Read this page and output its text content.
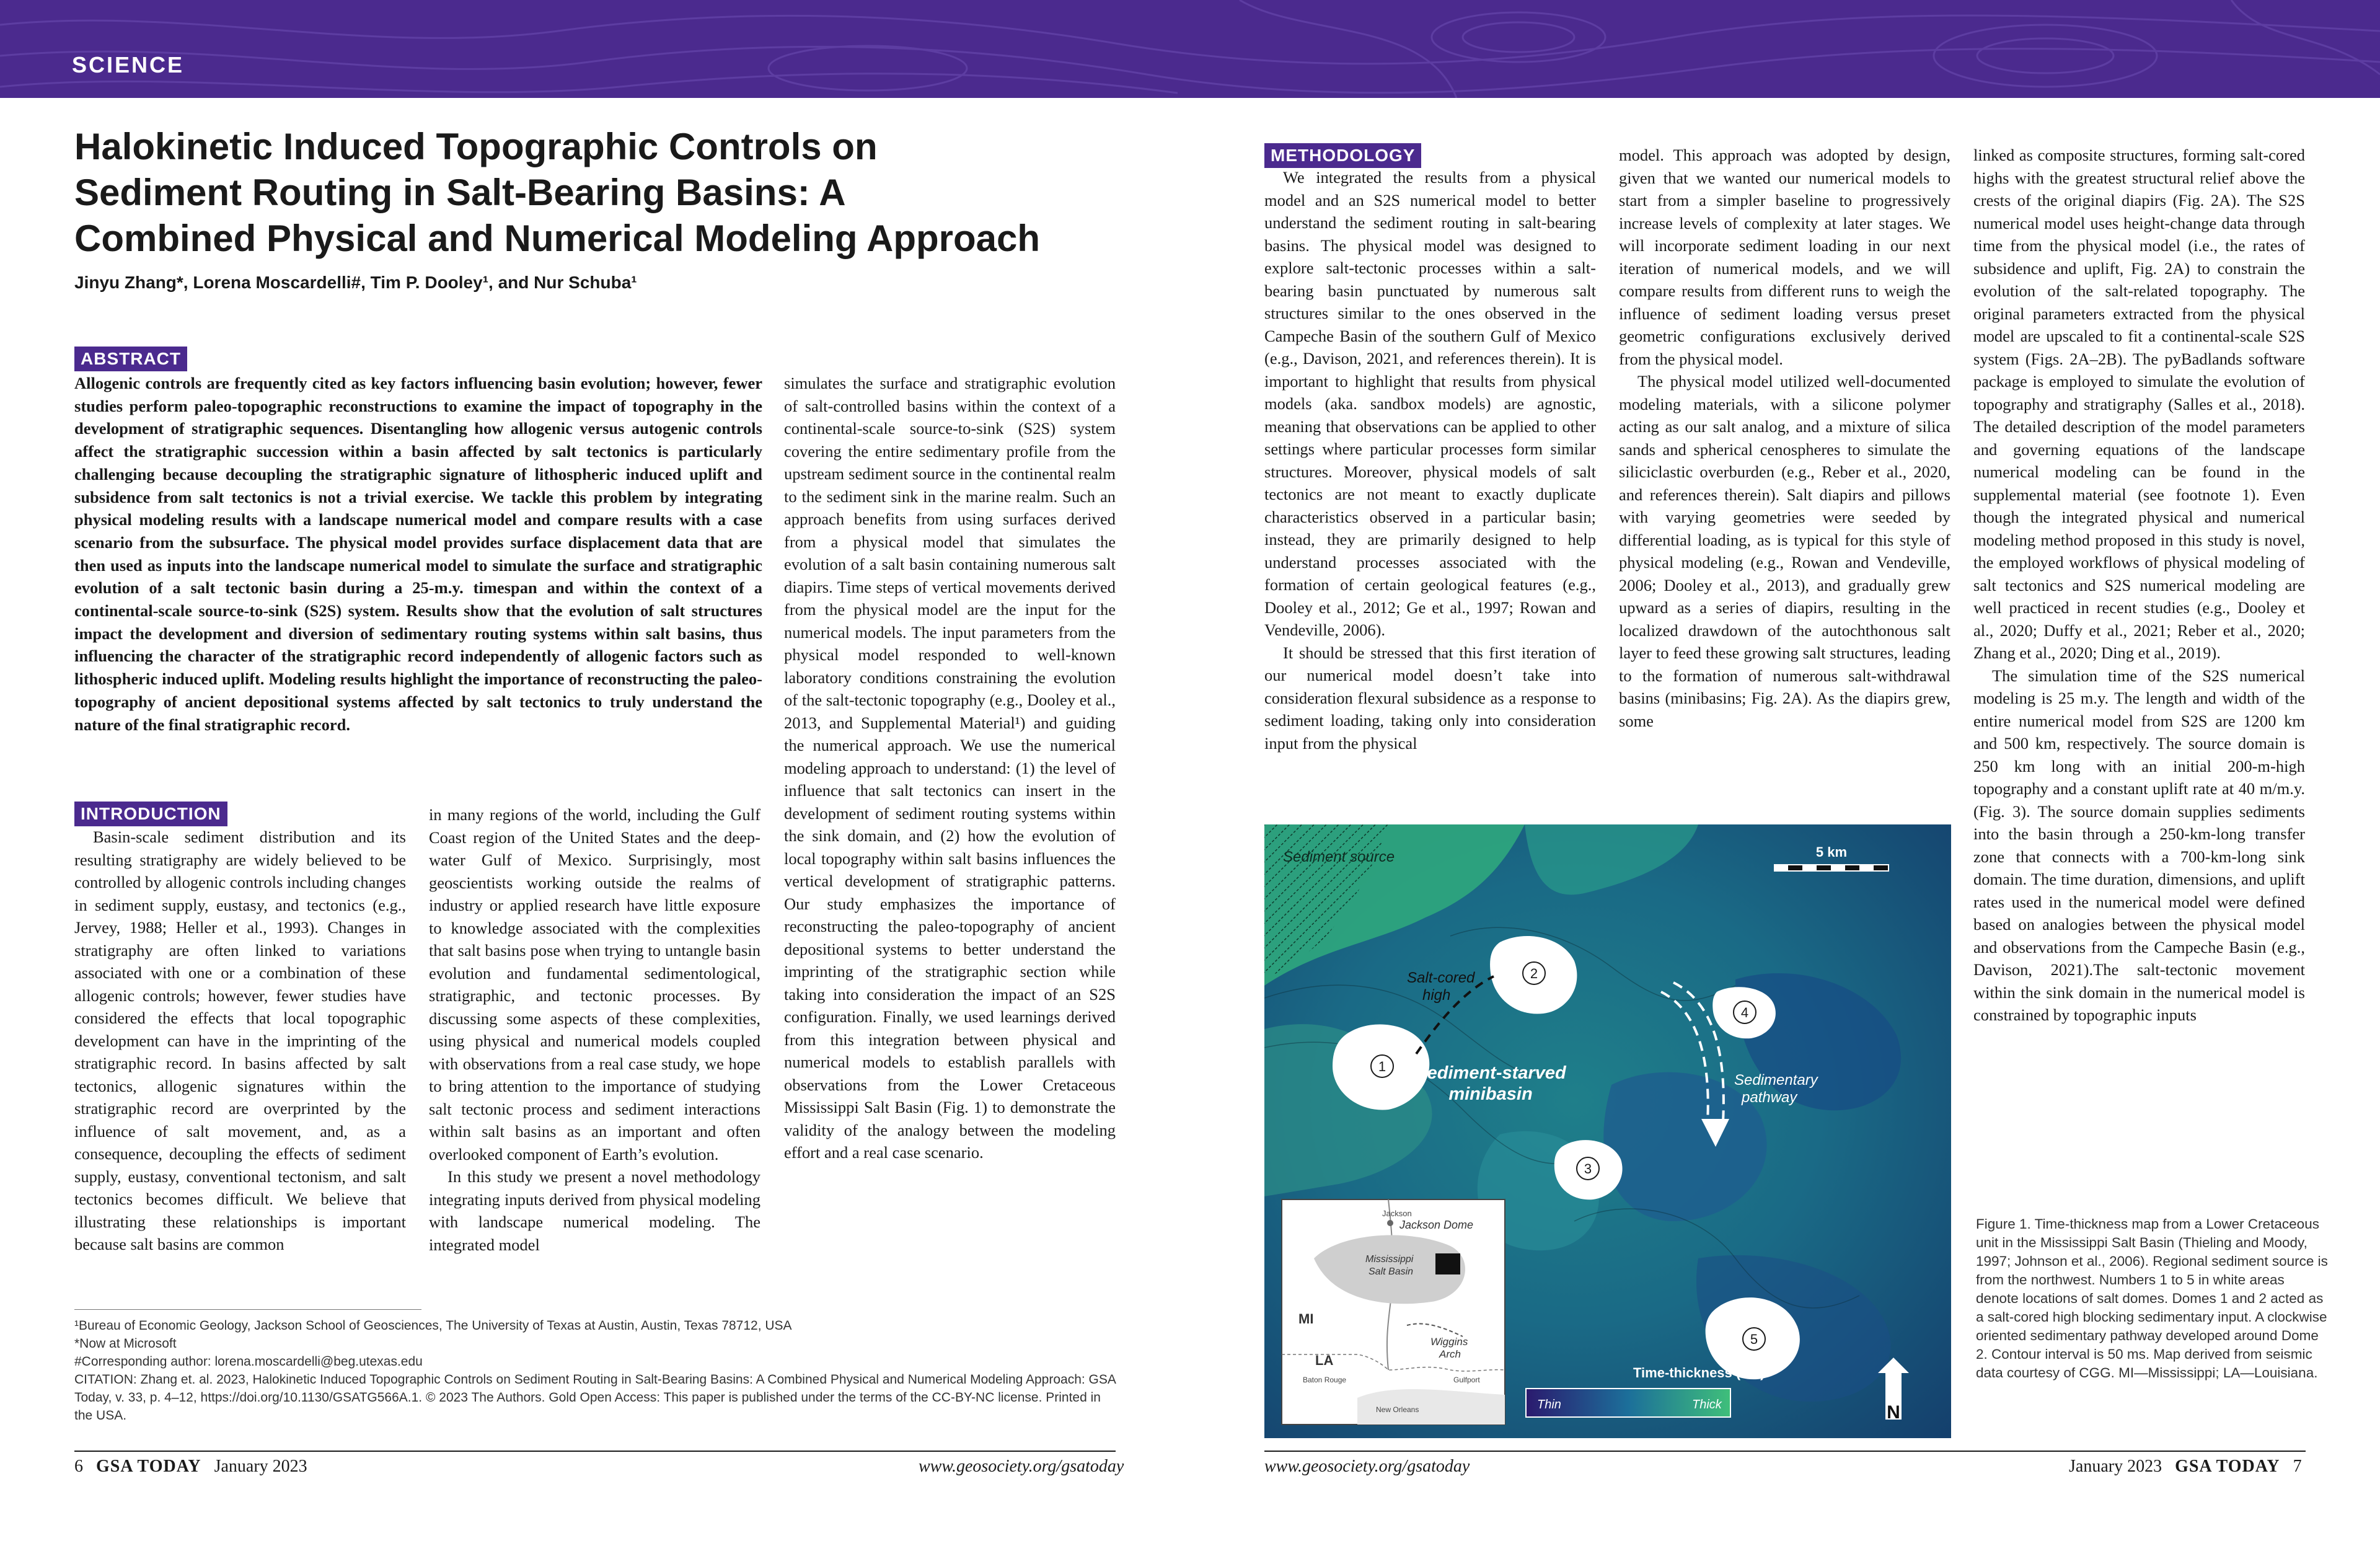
SCIENCE
Halokinetic Induced Topographic Controls on
Sediment Routing in Salt-Bearing Basins: A
Combined Physical and Numerical Modeling Approach
Jinyu Zhang*, Lorena Moscardelli#, Tim P. Dooley¹, and Nur Schuba¹
ABSTRACT

Allogenic controls are frequently cited as key factors influencing basin evolution; however, fewer studies perform paleo-topographic reconstructions to examine the impact of topography in the development of stratigraphic sequences. Disentangling how allogenic versus autogenic controls affect the stratigraphic succession within a basin affected by salt tectonics is particularly challenging because decoupling the stratigraphic signature of lithospheric induced uplift and subsidence from salt tectonics is not a trivial exercise. We tackle this problem by integrating physical modeling results with a landscape numerical model and compare results with a case scenario from the subsurface. The physical model provides surface displacement data that are then used as inputs into the landscape numerical model to simulate the surface and stratigraphic evolution of a salt tectonic basin during a 25-m.y. timespan and within the context of a continental-scale source-to-sink (S2S) system. Results show that the evolution of salt structures impact the development and diversion of sedimentary routing systems within salt basins, thus influencing the character of the stratigraphic record independently of allogenic factors such as lithospheric induced uplift. Modeling results highlight the importance of reconstructing the paleo-topography of ancient depositional systems affected by salt tectonics to truly understand the nature of the final stratigraphic record.

simulates the surface and stratigraphic evolution of salt-controlled basins within the context of a continental-scale source-to-sink (S2S) system covering the entire sedimentary profile from the upstream sediment source in the continental realm to the sediment sink in the marine realm. Such an approach benefits from using surfaces derived from a physical model that simulates the evolution of a salt basin containing numerous salt diapirs. Time steps of vertical movements derived from the physical model are the input for the numerical models. The input parameters from the physical model responded to well-known laboratory conditions constraining the evolution of the salt-tectonic topography (e.g., Dooley et al., 2013, and Supplemental Material¹) and guiding the numerical approach. We use the numerical modeling approach to understand: (1) the level of influence that salt tectonics can insert in the development of sediment routing systems within the sink domain, and (2) how the evolution of local topography within salt basins influences the vertical development of stratigraphic patterns. Our study emphasizes the importance of reconstructing the paleo-topography of ancient depositional systems to better understand the imprinting of the stratigraphic section while taking into consideration the impact of an S2S configuration. Finally, we used learnings derived from this integration between physical and numerical models to establish parallels with observations from the Lower Cretaceous Mississippi Salt Basin (Fig. 1) to demonstrate the validity of the analogy between the modeling effort and a real case scenario.

INTRODUCTION

Basin-scale sediment distribution and its resulting stratigraphy are widely believed to be controlled by allogenic controls including changes in sediment supply, eustasy, and tectonics (e.g., Jervey, 1988; Heller et al., 1993). Changes in stratigraphy are often linked to variations associated with one or a combination of these allogenic controls; however, fewer studies have considered the effects that local topographic development can have in the imprinting of the stratigraphic record. In basins affected by salt tectonics, allogenic signatures within the stratigraphic record are overprinted by the influence of salt movement, and, as a consequence, decoupling the effects of sediment supply, eustasy, conventional tectonism, and salt tectonics becomes difficult. We believe that illustrating these relationships is important because salt basins are common

in many regions of the world, including the Gulf Coast region of the United States and the deep-water Gulf of Mexico. Surprisingly, most geoscientists working outside the realms of industry or applied research have little exposure to knowledge associated with the complexities that salt basins pose when trying to untangle basin evolution and fundamental sedimentological, stratigraphic, and tectonic processes. By discussing some aspects of these complexities, using physical and numerical models coupled with observations from a real case study, we hope to bring attention to the importance of studying salt tectonic process and sediment interactions within salt basins as an important and often overlooked component of Earth’s evolution.

In this study we present a novel methodology integrating inputs derived from physical modeling with landscape numerical modeling. The integrated model

¹Bureau of Economic Geology, Jackson School of Geosciences, The University of Texas at Austin, Austin, Texas 78712, USA
*Now at Microsoft
#Corresponding author: lorena.moscardelli@beg.utexas.edu
CITATION: Zhang et. al. 2023, Halokinetic Induced Topographic Controls on Sediment Routing in Salt-Bearing Basins: A Combined Physical and Numerical Modeling Approach: GSA Today, v. 33, p. 4–12, https://doi.org/10.1130/GSATG566A.1. © 2023 The Authors. Gold Open Access: This paper is published under the terms of the CC-BY-NC license. Printed in the USA.
6 GSA TODAY January 2023	www.geosociety.org/gsatoday
METHODOLOGY

We integrated the results from a physical model and an S2S numerical model to better understand the sediment routing in salt-bearing basins. The physical model was designed to explore salt-tectonic processes within a salt-bearing basin punctuated by numerous salt structures similar to the ones observed in the Campeche Basin of the southern Gulf of Mexico (e.g., Davison, 2021, and references therein). It is important to highlight that results from physical models (aka. sandbox models) are agnostic, meaning that observations can be applied to other settings where particular processes form similar structures. Moreover, physical models of salt tectonics are not meant to exactly duplicate characteristics observed in a particular basin; instead, they are primarily designed to help understand processes associated with the formation of certain geological features (e.g., Dooley et al., 2012; Ge et al., 1997; Rowan and Vendeville, 2006).

It should be stressed that this first iteration of our numerical model doesn’t take into consideration flexural subsidence as a response to sediment loading, taking only into consideration input from the physical

model. This approach was adopted by design, given that we wanted our numerical models to start from a simpler baseline to progressively increase levels of complexity at later stages. We will incorporate sediment loading in our next iteration of numerical models, and we will compare results from different runs to weigh the influence of sediment loading versus preset geometric configurations exclusively derived from the physical model.

The physical model utilized well-documented modeling materials, with a silicone polymer acting as our salt analog, and a mixture of silica sands and spherical cenospheres to simulate the siliciclastic overburden (e.g., Reber et al., 2020, and references therein). Salt diapirs and pillows with varying geometries were seeded by differential loading, as is typical for this style of physical modeling (e.g., Rowan and Vendeville, 2006; Dooley et al., 2013), and gradually grew upward as a series of diapirs, resulting in the localized drawdown of the autochthonous salt layer to feed these growing salt structures, leading to the formation of numerous salt-withdrawal basins (minibasins; Fig. 2A). As the diapirs grew, some

linked as composite structures, forming salt-cored highs with the greatest structural relief above the crests of the original diapirs (Fig. 2A). The S2S numerical model uses height-change data through time from the physical model (i.e., the rates of subsidence and uplift, Fig. 2A) to constrain the evolution of the salt-related topography. The original parameters extracted from the physical model are upscaled to fit a continental-scale S2S system (Figs. 2A–2B). The pyBadlands software package is employed to simulate the evolution of topography and stratigraphy (Salles et al., 2018). The detailed description of the model parameters and governing equations of the landscape numerical modeling can be found in the supplemental material (see footnote 1). Even though the integrated physical and numerical modeling method proposed in this study is novel, the employed workflows of physical modeling of salt tectonics and S2S numerical modeling are well practiced in recent studies (e.g., Dooley et al., 2020; Duffy et al., 2021; Reber et al., 2020; Zhang et al., 2020; Ding et al., 2019).

The simulation time of the S2S numerical modeling is 25 m.y. The length and width of the entire numerical model from S2S are 1200 km and 500 km, respectively. The source domain is 250 km long with an initial 200-m-high topography and a constant uplift rate at 40 m/m.y. (Fig. 3). The source domain supplies sediments into the basin through a 250-km-long transfer zone that connects with a 700-km-long sink domain. The time duration, dimensions, and uplift rates used in the numerical model were defined based on analogies between the physical model and observations from the Campeche Basin (e.g., Davison, 2021).The salt-tectonic movement within the sink domain in the numerical model is constrained by topographic inputs

Sediment source
1
2
3
4
5
Salt-cored high
Sedimentary pathway
Sediment-starved minibasin
5 km
Jackson
Jackson Dome
Mississippi Salt Basin
MI
LA
Wiggins Arch
Baton Rouge	Gulfport
New Orleans
Time-thickness (ms)
Thin	Thick	N
Figure 1. Time-thickness map from a Lower Cretaceous unit in the Mississippi Salt Basin (Thieling and Moody, 1997; Johnson et al., 2006). Regional sediment source is from the northwest. Numbers 1 to 5 in white areas denote locations of salt domes. Domes 1 and 2 acted as a salt-cored high blocking sedimentary input. A clockwise oriented sedimentary pathway developed around Dome 2. Contour interval is 50 ms. Map derived from seismic data courtesy of CGG. MI—Mississippi; LA—Louisiana.
www.geosociety.org/gsatoday	January 2023 GSA TODAY 7
